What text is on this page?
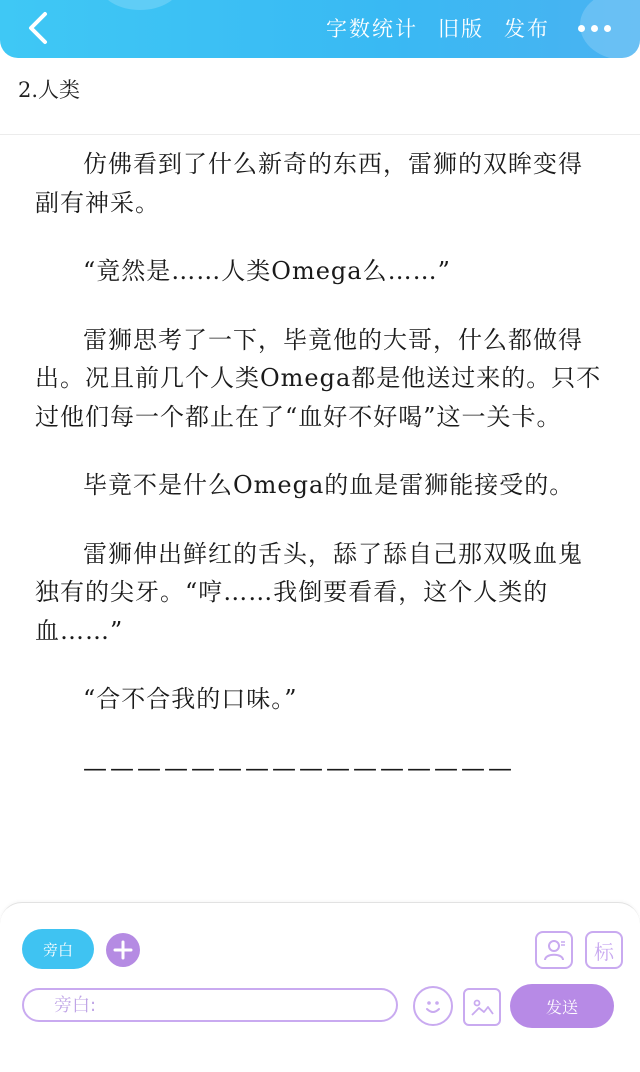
字数统计 旧版 发布
2.人类

仿佛看到了什么新奇的东西，雷狮的双眸变得副有神采。

“竟然是……人类Omega么……”

雷狮思考了一下，毕竟他的大哥，什么都做得出。况且前几个人类Omega都是他送过来的。只不过他们每一个都止在了“血好不好喝”这一关卡。

毕竟不是什么Omega的血是雷狮能接受的。

雷狮伸出鲜红的舌头，舔了舔自己那双吸血鬼独有的尖牙。“哼……我倒要看看，这个人类的血……”

“合不合我的口味。”

————————————————

旁白	标
旁白:
发送
